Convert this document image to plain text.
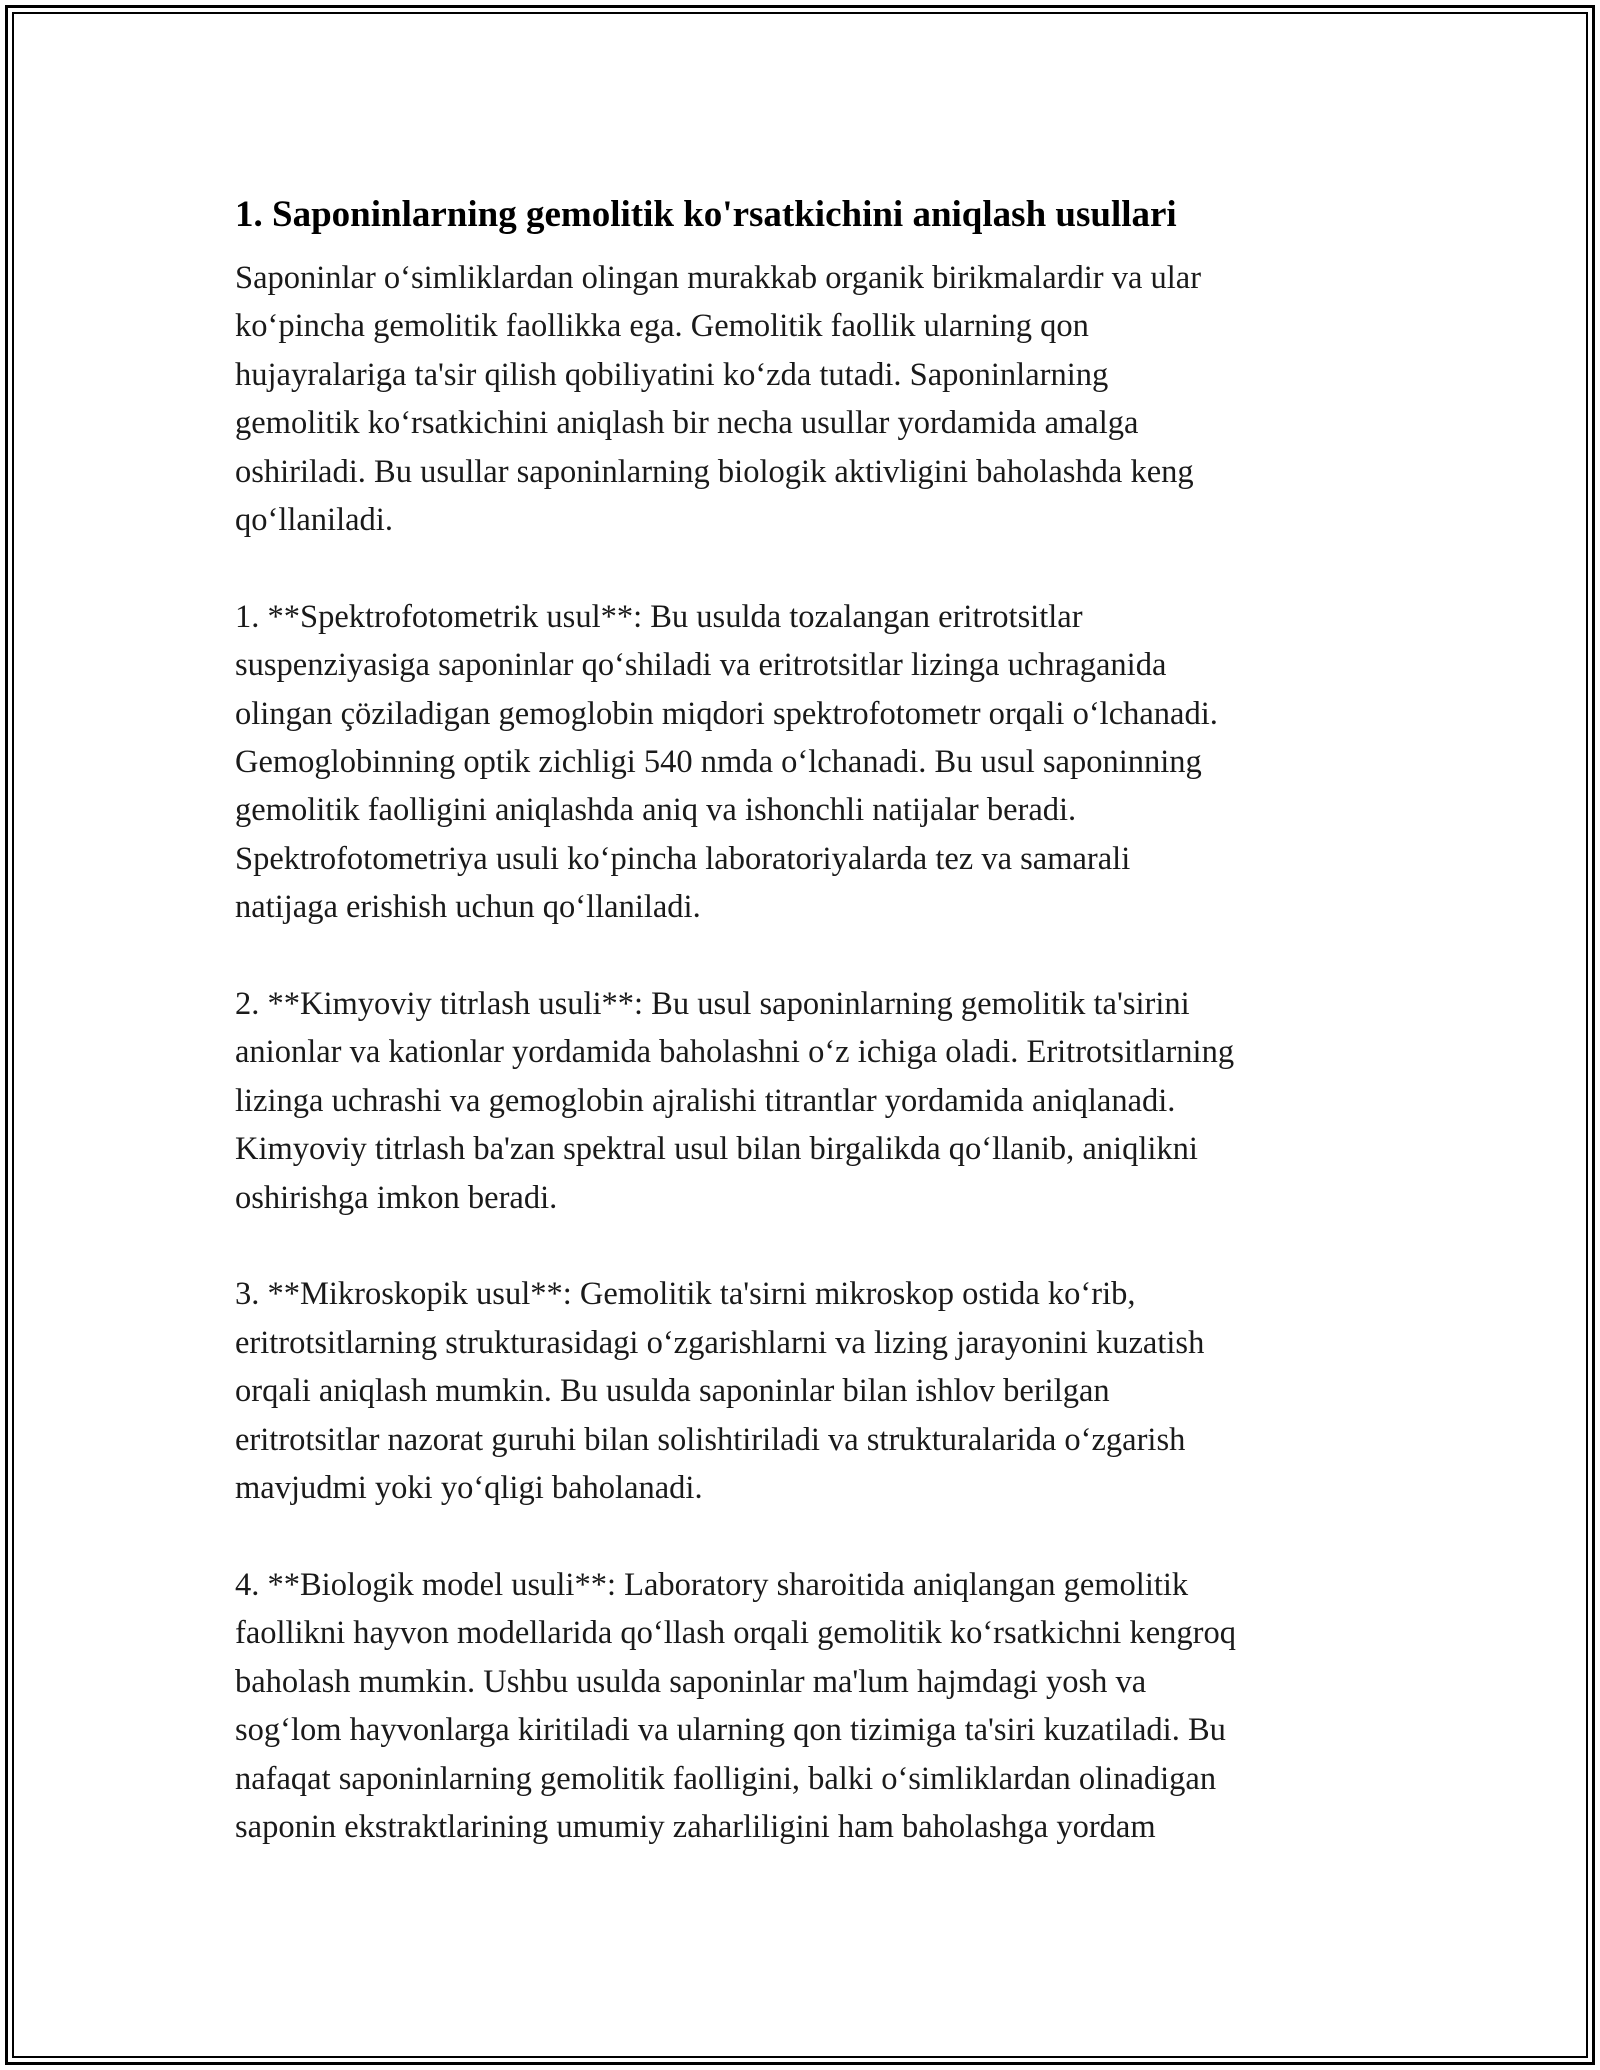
1. Saponinlarning gemolitik ko'rsatkichini aniqlash usullari

Saponinlar o‘simliklardan olingan murakkab organik birikmalardir va ular
ko‘pincha gemolitik faollikka ega. Gemolitik faollik ularning qon
hujayralariga ta'sir qilish qobiliyatini ko‘zda tutadi. Saponinlarning
gemolitik ko‘rsatkichini aniqlash bir necha usullar yordamida amalga
oshiriladi. Bu usullar saponinlarning biologik aktivligini baholashda keng
qo‘llaniladi.

1. **Spektrofotometrik usul**: Bu usulda tozalangan eritrotsitlar
suspenziyasiga saponinlar qo‘shiladi va eritrotsitlar lizinga uchraganida
olingan çöziladigan gemoglobin miqdori spektrofotometr orqali o‘lchanadi.
Gemoglobinning optik zichligi 540 nmda o‘lchanadi. Bu usul saponinning
gemolitik faolligini aniqlashda aniq va ishonchli natijalar beradi.
Spektrofotometriya usuli ko‘pincha laboratoriyalarda tez va samarali
natijaga erishish uchun qo‘llaniladi.

2. **Kimyoviy titrlash usuli**: Bu usul saponinlarning gemolitik ta'sirini
anionlar va kationlar yordamida baholashni o‘z ichiga oladi. Eritrotsitlarning
lizinga uchrashi va gemoglobin ajralishi titrantlar yordamida aniqlanadi.
Kimyoviy titrlash ba'zan spektral usul bilan birgalikda qo‘llanib, aniqlikni
oshirishga imkon beradi.

3. **Mikroskopik usul**: Gemolitik ta'sirni mikroskop ostida ko‘rib,
eritrotsitlarning strukturasidagi o‘zgarishlarni va lizing jarayonini kuzatish
orqali aniqlash mumkin. Bu usulda saponinlar bilan ishlov berilgan
eritrotsitlar nazorat guruhi bilan solishtiriladi va strukturalarida o‘zgarish
mavjudmi yoki yo‘qligi baholanadi.

4. **Biologik model usuli**: Laboratory sharoitida aniqlangan gemolitik
faollikni hayvon modellarida qo‘llash orqali gemolitik ko‘rsatkichni kengroq
baholash mumkin. Ushbu usulda saponinlar ma'lum hajmdagi yosh va
sog‘lom hayvonlarga kiritiladi va ularning qon tizimiga ta'siri kuzatiladi. Bu
nafaqat saponinlarning gemolitik faolligini, balki o‘simliklardan olinadigan
saponin ekstraktlarining umumiy zaharliligini ham baholashga yordam
